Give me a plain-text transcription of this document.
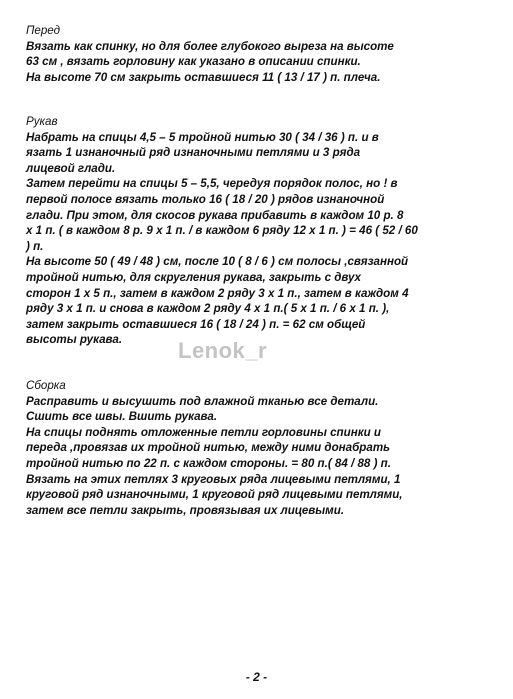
Перед

Вязать как спинку, но для более глубокого выреза на высоте

63 см , вязать горловину как указано в описании спинки.

На высоте 70 см закрыть оставшиеся 11 ( 13 / 17 ) п. плеча.

Рукав

Набрать на спицы 4,5 – 5 тройной нитью 30 ( 34 / 36 ) п. и в

язать 1 изнаночный ряд изнаночными петлями и 3 ряда

лицевой глади.

Затем перейти на спицы 5 – 5,5, чередуя порядок полос, но ! в

первой полосе вязать только 16 ( 18 / 20 ) рядов изнаночной

глади. При этом, для скосов рукава прибавить в каждом 10 р. 8

х 1 п. ( в каждом 8 р. 9 х 1 п. / в каждом 6 ряду 12 х 1 п. ) = 46 ( 52 / 60

) п.

На высоте 50 ( 49 / 48 ) см, после 10 ( 8 / 6 ) см полосы ,связанной

тройной нитью, для скругления рукава, закрыть с двух

сторон 1 х 5 п., затем в каждом 2 ряду 3 х 1 п., затем в каждом 4

ряду 3 х 1 п. и снова в каждом 2 ряду 4 х 1 п.( 5 х 1 п. / 6 х 1 п. ),

затем закрыть оставшиеся 16 ( 18 / 24 ) п. = 62 см общей

высоты рукава.	Lenok_r

Сборка

Расправить и высушить под влажной тканью все детали.

Сшить все швы. Вшить рукава.

На спицы поднять отложенные петли горловины спинки и

переда ,провязав их тройной нитью, между ними донабрать

тройной нитью по 22 п. с каждом стороны. = 80 п.( 84 / 88 ) п.

Вязать на этих петлях 3 круговых ряда лицевыми петлями, 1

круговой ряд изнаночными, 1 круговой ряд лицевыми петлями,

затем все петли закрыть, провязывая их лицевыми.

- 2 -
